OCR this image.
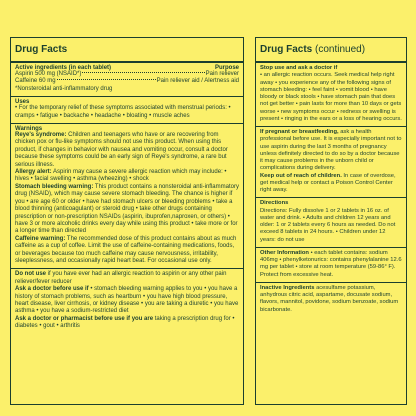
Drug Facts
Active ingredients (in each tablet)	Purpose
Aspirin 500 mg (NSAID*)	Pain reliever
Caffeine 60 mg	Pain reliever aid / Alertness aid
*Nonsteroidal anti-inflammatory drug
Uses

• For the temporary relief of these symptoms associated with menstrual periods: • cramps • fatigue • backache • headache • bloating • muscle aches

Warnings

Reye's syndrome: Children and teenagers who have or are recovering from chicken pox or flu-like symptoms should not use this product. When using this product, if changes in behavior with nausea and vomiting occur, consult a doctor because these symptoms could be an early sign of Reye's syndrome, a rare but serious illness.

Allergy alert: Aspirin may cause a severe allergic reaction which may include: • hives • facial swelling • asthma (wheezing) • shock

Stomach bleeding warning: This product contains a nonsteroidal anti-inflammatory drug (NSAID), which may cause severe stomach bleeding. The chance is higher if you • are age 60 or older • have had stomach ulcers or bleeding problems • take a blood thinning (anticoagulant) or steroid drug • take other drugs containing prescription or non-prescription NSAIDs (aspirin, ibuprofen,naproxen, or others) • have 3 or more alcoholic drinks every day while using this product • take more or for a longer time than directed

Caffeine warning: The recommended dose of this product contains about as much caffeine as a cup of coffee. Limit the use of caffeine-containing medications, foods, or beverages because too much caffeine may cause nervousness, irritability, sleeplessness, and occasionally rapid heart beat. For occasional use only.

Do not use if you have ever had an allergic reaction to aspirin or any other pain reliever/fever reducer

Ask a doctor before use if • stomach bleeding warning applies to you • you have a history of stomach problems, such as heartburn • you have high blood pressure, heart disease, liver cirrhosis, or kidney disease • you are taking a diuretic • you have asthma • you have a sodium-restricted diet

Ask a doctor or pharmacist before use if you are taking a prescription drug for • diabetes • gout • arthritis

Drug Facts (continued)
Stop use and ask a doctor if
• an allergic reaction occurs. Seek medical help right away • you experience any of the following signs of stomach bleeding: • feel faint • vomit blood • have bloody or black stools • have stomach pain that does not get better • pain lasts for more than 10 days or gets worse • new symptoms occur • redness or swelling is present • ringing in the ears or a loss of hearing occurs.
If pregnant or breastfeeding, ask a health professional before use. It is especially important not to use aspirin during the last 3 months of pregnancy unless definitely directed to do so by a doctor because it may cause problems in the unborn child or complications during delivery.
Keep out of reach of children. In case of overdose, get medical help or contact a Poison Control Center right away.
Directions
Directions: Fully dissolve 1 or 2 tablets in 16 oz. of water and drink. • Adults and children 12 years and older: 1 or 2 tablets every 6 hours as needed. Do not exceed 8 tablets in 24 hours. • Children under 12 years: do not use
Other Information • each tablet contains: sodium 406mg • phenylketonurics: contains phenylalanine 12.6 mg per tablet • store at room temperature (59-86° F). Protect from excessive heat.
Inactive Ingredients acesulfame potassium, anhydrous citric acid, aspartame, docusate sodium, flavors, mannitol, povidone, sodium benzoate, sodium bicarbonate.
